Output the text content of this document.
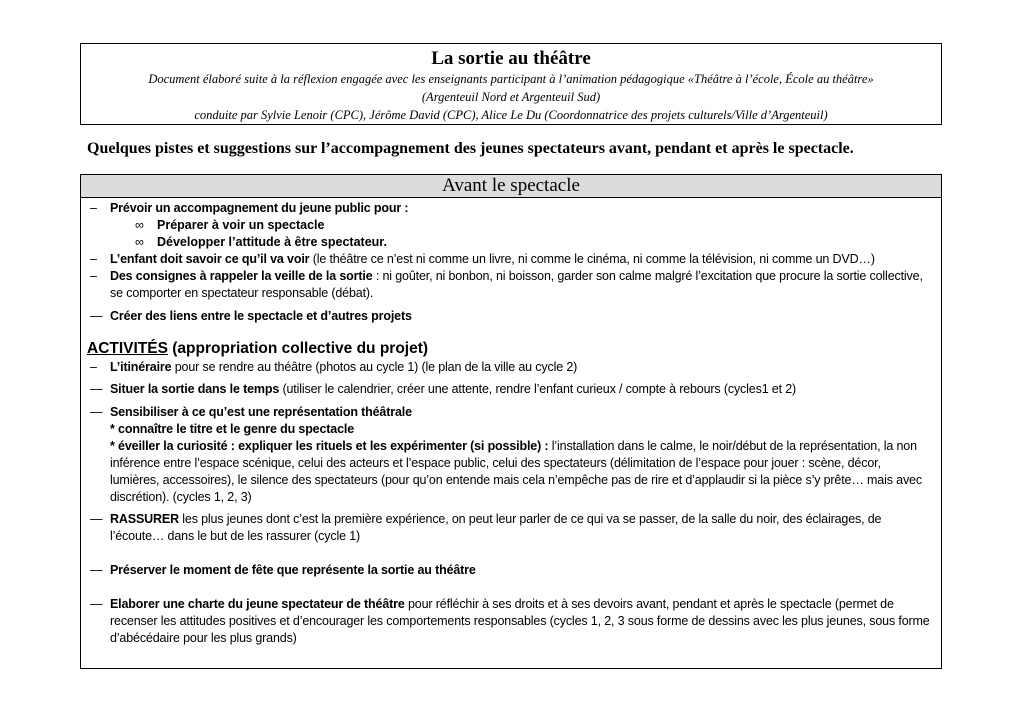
La sortie au théâtre
Document élaboré suite à la réflexion engagée avec les enseignants participant à l’animation pédagogique «Théâtre à l’école, École au théâtre»
(Argenteuil Nord et Argenteuil Sud)
conduite par Sylvie Lenoir (CPC), Jérôme David (CPC), Alice Le Du (Coordonnatrice des projets culturels/Ville d’Argenteuil)
Quelques pistes et suggestions sur l’accompagnement des jeunes spectateurs avant, pendant et après le spectacle.
Avant le spectacle
– Prévoir un accompagnement du jeune public pour :
∞ Préparer à voir un spectacle
∞ Développer l’attitude à être spectateur.
– L’enfant doit savoir ce qu’il va voir (le théâtre ce n’est ni comme un livre, ni comme le cinéma, ni comme la télévision, ni comme un DVD…)
– Des consignes à rappeler la veille de la sortie : ni goûter, ni bonbon, ni boisson, garder son calme malgré l’excitation que procure la sortie collective, se comporter en spectateur responsable (débat).
— Créer des liens entre le spectacle et d’autres projets
ACTIVITÉS (appropriation collective du projet)
– L’itinéraire pour se rendre au théâtre (photos au cycle 1) (le plan de la ville au cycle 2)
— Situer la sortie dans le temps (utiliser le calendrier, créer une attente, rendre l’enfant curieux / compte à rebours (cycles1 et 2)
— Sensibiliser à ce qu’est une représentation théâtrale
* connaître le titre et le genre du spectacle
* éveiller la curiosité : expliquer les rituels et les expérimenter (si possible) : l’installation dans le calme, le noir/début de la représentation, la non inférence entre l’espace scénique, celui des acteurs et l’espace public, celui des spectateurs (délimitation de l’espace pour jouer : scène, décor, lumières, accessoires), le silence des spectateurs (pour qu’on entende mais cela n’empêche pas de rire et d’applaudir si la pièce s’y prête… mais avec discrétion). (cycles 1, 2, 3)
— RASSURER les plus jeunes dont c’est la première expérience, on peut leur parler de ce qui va se passer, de la salle du noir, des éclairages, de l’écoute… dans le but de les rassurer (cycle 1)
— Préserver le moment de fête que représente la sortie au théâtre
— Elaborer une charte du jeune spectateur de théâtre pour réfléchir à ses droits et à ses devoirs avant, pendant et après le spectacle (permet de recenser les attitudes positives et d’encourager les comportements responsables (cycles 1, 2, 3 sous forme de dessins avec les plus jeunes, sous forme d’abécédaire pour les plus grands)
